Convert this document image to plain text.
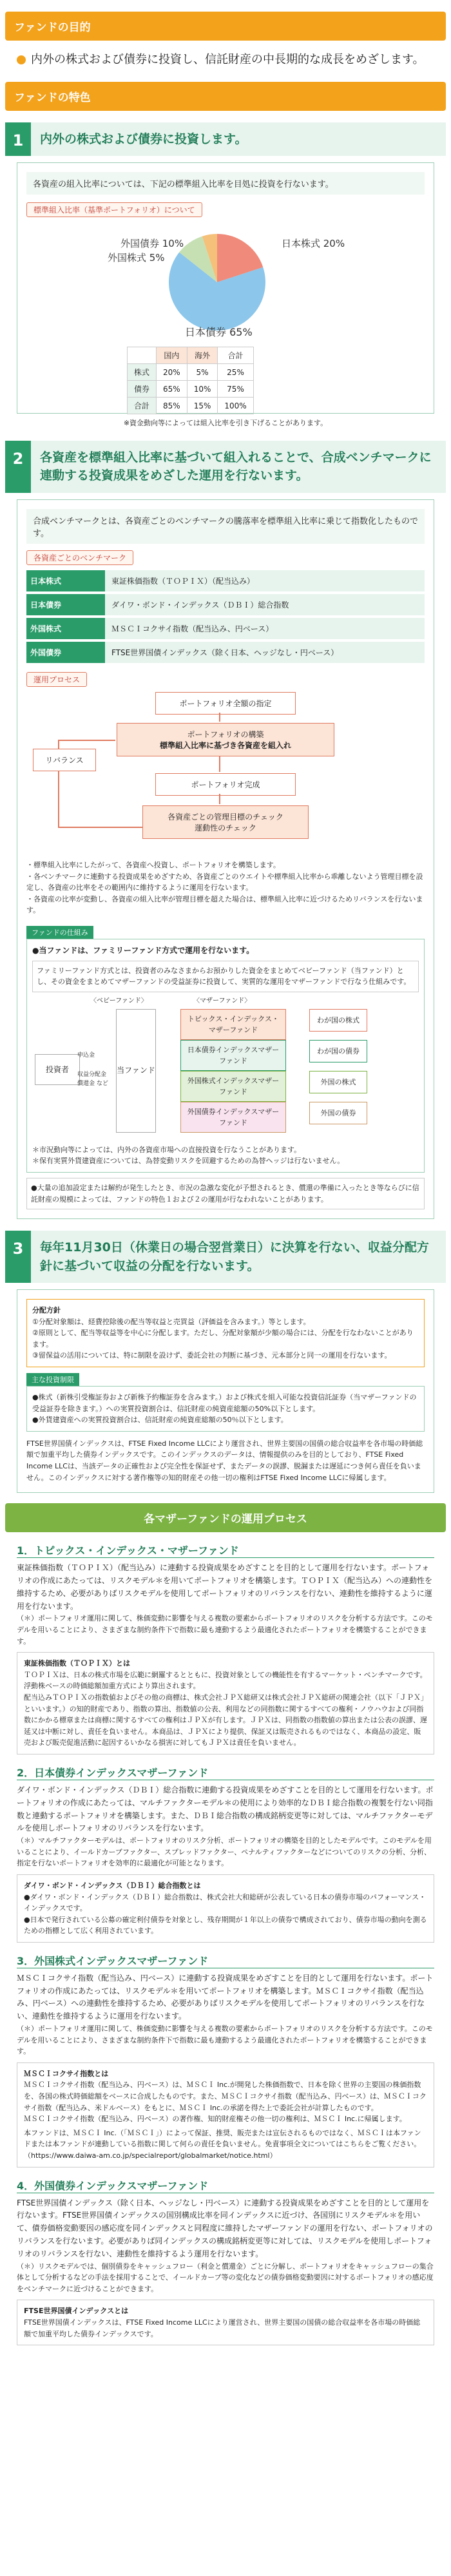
ファンドの目的
内外の株式および債券に投資し、信託財産の中長期的な成長をめざします。
ファンドの特色
1	内外の株式および債券に投資します。
各資産の組入比率については、下記の標準組入比率を目処に投資を行ないます。
標準組入比率（基準ポートフォリオ）について
外国債券 10%
外国株式 5%
日本株式 20%
日本債券 65%
	国内	海外	合計
株式	20%	5%	25%
債券	65%	10%	75%
合計	85%	15%	100%
※資金動向等によっては組入比率を引き下げることがあります。
2	各資産を標準組入比率に基づいて組入れることで、合成ベンチマークに連動する投資成果をめざした運用を行ないます。
合成ベンチマークとは、各資産ごとのベンチマークの騰落率を標準組入比率に乗じて指数化したものです。
各資産ごとのベンチマーク
日本株式	東証株価指数（ＴＯＰＩＸ）（配当込み）
日本債券	ダイワ・ボンド・インデックス（ＤＢＩ）総合指数
外国株式	ＭＳＣＩコクサイ指数（配当込み、円ベース）
外国債券	FTSE世界国債インデックス（除く日本、ヘッジなし・円ベース）
運用プロセス
ポートフォリオ全額の指定
ポートフォリオの構築
標準組入比率に基づき各資産を組入れ
ポートフォリオ完成
各資産ごとの管理目標のチェック
運動性のチェック
リバランス
・標準組入比率にしたがって、各資産へ投資し、ポートフォリオを構築します。
・各ベンチマークに連動する投資成果をめざすため、各資産ごとのウエイトや標準組入比率から乖離しないよう管理目標を設定し、各資産の比率をその範囲内に維持するように運用を行ないます。
・各資産の比率が変動し、各資産の組入比率が管理目標を超えた場合は、標準組入比率に近づけるためリバランスを行ないます。
ファンドの仕組み
●当ファンドは、ファミリーファンド方式で運用を行ないます。
ファミリーファンド方式とは、投資者のみなさまからお預かりした資金をまとめてベビーファンド（当ファンド）とし、その資金をまとめてマザーファンドの受益証券に投資して、実質的な運用をマザーファンドで行なう仕組みです。
〈ベビーファンド〉	〈マザーファンド〉
投資者
申込金
収益分配金
償還金 など
当ファンド
トピックス・インデックス・マザーファンド
日本債券インデックスマザーファンド
外国株式インデックスマザーファンド
外国債券インデックスマザーファンド
わが国の株式
わが国の債券
外国の株式
外国の債券
＊市況動向等によっては、内外の各資産市場への直接投資を行なうことがあります。
＊保有実質外貨建資産については、為替変動リスクを回避するための為替ヘッジは行ないません。
●大量の追加設定または解約が発生したとき、市況の急激な変化が予想されるとき、償還の準備に入ったとき等ならびに信託財産の規模によっては、ファンドの特色１および２の運用が行なわれないことがあります。
3	毎年11月30日（休業日の場合翌営業日）に決算を行ない、収益分配方針に基づいて収益の分配を行ないます。
分配方針
①分配対象額は、経費控除後の配当等収益と売買益（評価益を含みます。）等とします。
②原則として、配当等収益等を中心に分配します。ただし、分配対象額が少額の場合には、分配を行なわないことがあります。
③留保益の活用については、特に制限を設けず、委託会社の判断に基づき、元本部分と同一の運用を行ないます。
主な投資制限
●株式（新株引受権証券および新株予約権証券を含みます。）および株式を組入可能な投資信託証券（当マザーファンドの受益証券を除きます。）への実質投資割合は、信託財産の純資産総額の50%以下とします。
●外貨建資産への実質投資割合は、信託財産の純資産総額の50％以下とします。
FTSE世界国債インデックスは、FTSE Fixed Income LLCにより運営され、世界主要国の国債の総合収益率を各市場の時価総額で加重平均した債券インデックスです。このインデックスのデータは、情報提供のみを目的としており、FTSE Fixed Income LLCは、当該データの正確性および完全性を保証せず、またデータの誤謬、脱漏または遅延につき何ら責任を負いません。このインデックスに対する著作権等の知的財産その他一切の権利はFTSE Fixed Income LLCに帰属します。
各マザーファンドの運用プロセス
1．トピックス・インデックス・マザーファンド
東証株価指数（ＴＯＰＩＸ）（配当込み）に連動する投資成果をめざすことを目的として運用を行ないます。ポートフォリオの作成にあたっては、リスクモデル＊を用いてポートフォリオを構築します。ＴＯＰＩＸ（配当込み）への連動性を維持するため、必要がありばリスクモデルを使用してポートフォリオのリバランスを行ない、連動性を維持するように運用を行ないます。
（＊）ポートフォリオ運用に関して、株価変動に影響を与える複数の要素からポートフォリオのリスクを分析する方法です。このモデルを用いることにより、さまざまな制約条件下で指数に最も連動するよう最適化されたポートフォリオを構築することができます。
東証株価指数（ＴＯＰＩＸ）とは
ＴＯＰＩＸは、日本の株式市場を広範に網羅するとともに、投資対象としての機能性を有するマーケット・ベンチマークです。浮動株ベースの時価総額加重方式により算出されます。
配当込みＴＯＰＩＸの指数値およびその他の商標は、株式会社ＪＰＸ総研又は株式会社ＪＰＸ総研の関連会社（以下「ＪＰＸ」といいます。）の知的財産であり、指数の算出、指数値の公表、利用などの同指数に関するすべての権利・ノウハウおよび同指数にかかる標章または商標に関するすべての権利はＪＰＸが有します。ＪＰＸは、同指数の指数値の算出または公表の誤謬、遅延又は中断に対し、責任を負いません。本商品は、ＪＰＸにより提供、保証又は販売されるものではなく、本商品の設定、販売および販売促進活動に起因するいかなる損害に対してもＪＰＸは責任を負いません。
2．日本債券インデックスマザーファンド
ダイワ・ボンド・インデックス（ＤＢＩ）総合指数に連動する投資成果をめざすことを目的として運用を行ないます。ポートフォリオの作成にあたっては、マルチファクターモデル＊の使用により効率的なＤＢＩ総合指数の複製を行ない同指数と連動するポートフォリオを構築します。また、ＤＢＩ総合指数の構成銘柄変更等に対しては、マルチファクターモデルを使用しポートフォリオのリバランスを行ないます。
（＊）マルチファクターモデルは、ポートフォリオのリスク分析、ポートフォリオの構築を目的としたモデルです。このモデルを用いることにより、イールドカーブファクター、スプレッドファクター、ペナルティファクターなどについてのリスクの分析、分析、指定を行ないポートフォリオを効率的に最適化が可能となります。
ダイワ・ボンド・インデックス（ＤＢＩ）総合指数とは
●ダイワ・ボンド・インデックス（ＤＢＩ）総合指数は、株式会社大和総研が公表している日本の債券市場のパフォーマンス・インデックスです。
●日本で発行されている公募の確定利付債券を対象とし、残存期間が１年以上の債券で構成されており、債券市場の動向を測るための指標として広く利用されています。
3．外国株式インデックスマザーファンド
ＭＳＣＩコクサイ指数（配当込み、円ベース）に連動する投資成果をめざすことを目的として運用を行ないます。ポートフォリオの作成にあたっては、リスクモデル＊を用いてポートフォリオを構築します。ＭＳＣＩコクサイ指数（配当込み、円ベース）への連動性を維持するため、必要がありばリスクモデルを使用してポートフォリオのリバランスを行ない、連動性を維持するように運用を行ないます。
（＊）ポートフォリオ運用に関して、株価変動に影響を与える複数の要素からポートフォリオのリスクを分析する方法です。このモデルを用いることにより、さまざまな制約条件下で指数に最も連動するよう最適化されたポートフォリオを構築することができます。
ＭＳＣＩコクサイ指数とは
ＭＳＣＩコクサイ指数（配当込み、円ベース）は、ＭＳＣＩ Inc.が開発した株価指数で、日本を除く世界の主要国の株価指数を、各国の株式時価総額をベースに合成したものです。また、ＭＳＣＩコクサイ指数（配当込み、円ベース）は、ＭＳＣＩコクサイ指数（配当込み、米ドルベース）をもとに、ＭＳＣＩ Inc.の承諾を得た上で委託会社が計算したものです。
ＭＳＣＩコクサイ指数（配当込み、円ベース）の著作権、知的財産権その他一切の権利は、ＭＳＣＩ Inc.に帰属します。
本ファンドは、ＭＳＣＩ Inc.（「ＭＳＣＩ」）によって保証、推奨、販売または宣伝されるものではなく、ＭＳＣＩは本ファンドまたは本ファンドが連動している指数に関して何らの責任を負いません。免責事項全文についてはこちらをご覧ください。
（https://www.daiwa-am.co.jp/specialreport/globalmarket/notice.html）
4．外国債券インデックスマザーファンド
FTSE世界国債インデックス（除く日本、ヘッジなし・円ベース）に連動する投資成果をめざすことを目的として運用を行ないます。FTSE世界国債インデックスの国別構成比率を同インデックスに近づけ、各国別にリスクモデル＊を用いて、債券価格変動要因の感応度を同インデックスと同程度に維持したマザーファンドの運用を行ない、ポートフォリオのリバランスを行ないます。必要がありば同インデックスの構成銘柄変更等に対しては、リスクモデルを使用しポートフォリオのリバランスを行ない、連動性を維持するよう運用を行ないます。
（＊）リスクモデルでは、個別債券をキャッシュフロー（利金と償還金）ごとに分解し、ポートフォリオをキャッシュフローの集合体として分析するなどの手法を採用することで、イールドカーブ等の変化などの債券価格変動要因に対するポートフォリオの感応度をベンチマークに近づけることができます。
FTSE世界国債インデックスとは
FTSE世界国債インデックスは、FTSE Fixed Income LLCにより運営され、世界主要国の国債の総合収益率を各市場の時価総額で加重平均した債券インデックスです。
